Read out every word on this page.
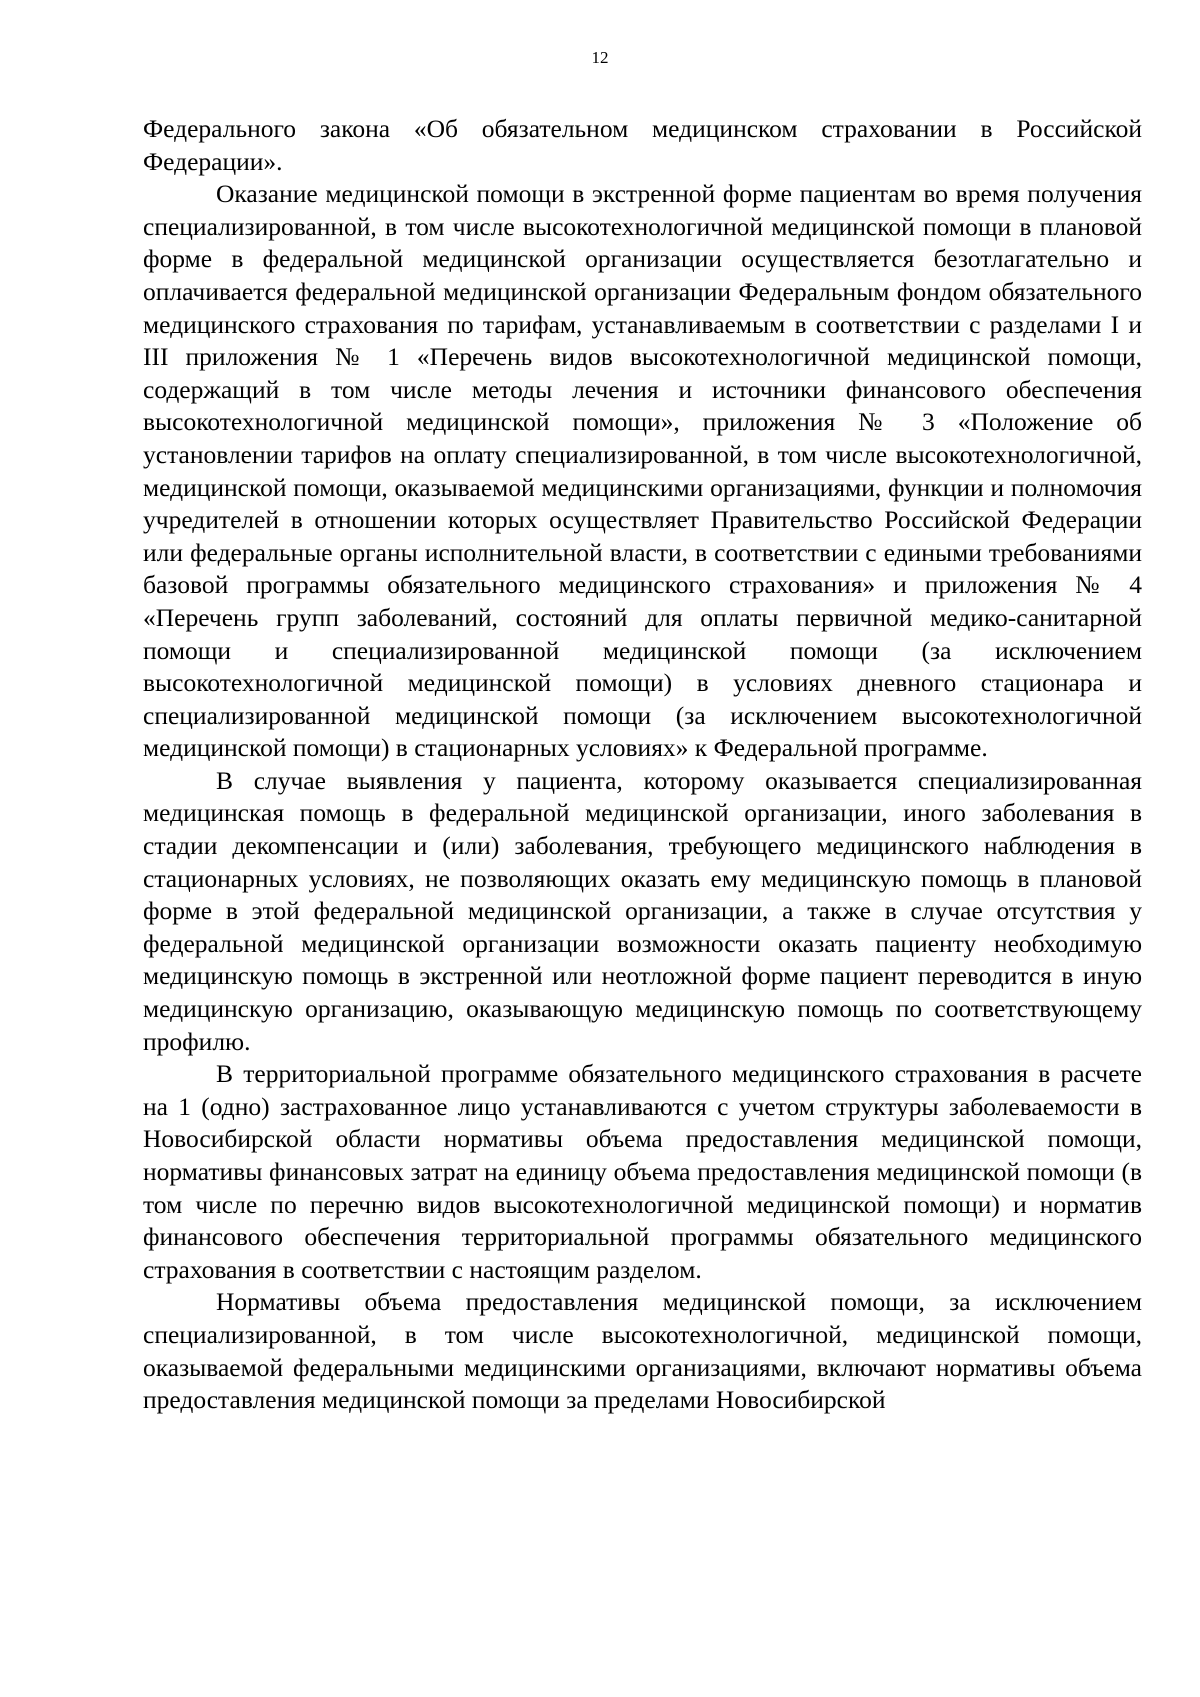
12

Федерального закона «Об обязательном медицинском страховании в Российской Федерации».

Оказание медицинской помощи в экстренной форме пациентам во время получения специализированной, в том числе высокотехнологичной медицинской помощи в плановой форме в федеральной медицинской организации осуществляется безотлагательно и оплачивается федеральной медицинской организации Федеральным фондом обязательного медицинского страхования по тарифам, устанавливаемым в соответствии с разделами I и III приложения № 1 «Перечень видов высокотехнологичной медицинской помощи, содержащий в том числе методы лечения и источники финансового обеспечения высокотехнологичной медицинской помощи», приложения № 3 «Положение об установлении тарифов на оплату специализированной, в том числе высокотехнологичной, медицинской помощи, оказываемой медицинскими организациями, функции и полномочия учредителей в отношении которых осуществляет Правительство Российской Федерации или федеральные органы исполнительной власти, в соответствии с едиными требованиями базовой программы обязательного медицинского страхования» и приложения № 4 «Перечень групп заболеваний, состояний для оплаты первичной медико-санитарной помощи и специализированной медицинской помощи (за исключением высокотехнологичной медицинской помощи) в условиях дневного стационара и специализированной медицинской помощи (за исключением высокотехнологичной медицинской помощи) в стационарных условиях» к Федеральной программе.

В случае выявления у пациента, которому оказывается специализированная медицинская помощь в федеральной медицинской организации, иного заболевания в стадии декомпенсации и (или) заболевания, требующего медицинского наблюдения в стационарных условиях, не позволяющих оказать ему медицинскую помощь в плановой форме в этой федеральной медицинской организации, а также в случае отсутствия у федеральной медицинской организации возможности оказать пациенту необходимую медицинскую помощь в экстренной или неотложной форме пациент переводится в иную медицинскую организацию, оказывающую медицинскую помощь по соответствующему профилю.

В территориальной программе обязательного медицинского страхования в расчете на 1 (одно) застрахованное лицо устанавливаются с учетом структуры заболеваемости в Новосибирской области нормативы объема предоставления медицинской помощи, нормативы финансовых затрат на единицу объема предоставления медицинской помощи (в том числе по перечню видов высокотехнологичной медицинской помощи) и норматив финансового обеспечения территориальной программы обязательного медицинского страхования в соответствии с настоящим разделом.

Нормативы объема предоставления медицинской помощи, за исключением специализированной, в том числе высокотехнологичной, медицинской помощи, оказываемой федеральными медицинскими организациями, включают нормативы объема предоставления медицинской помощи за пределами Новосибирской
